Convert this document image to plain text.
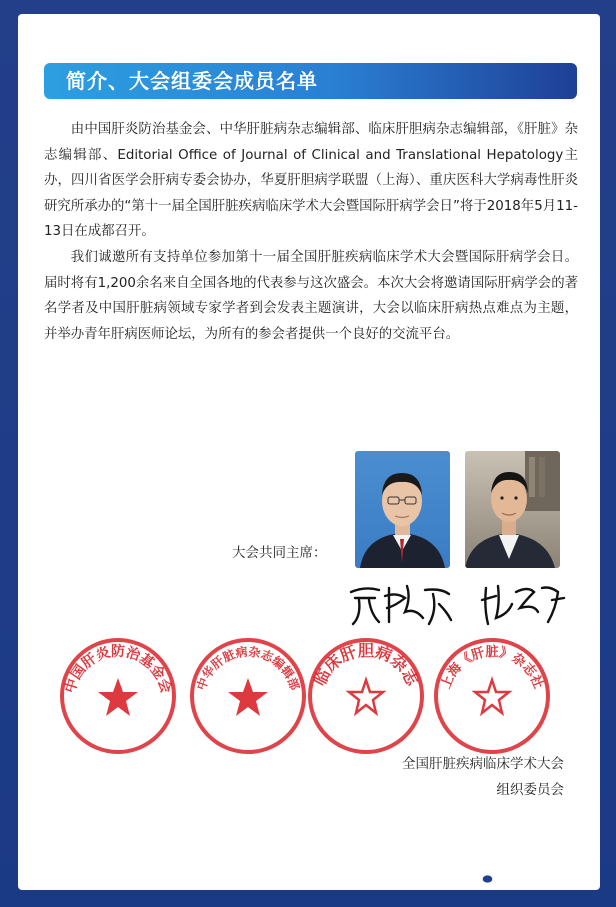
简介、大会组委会成员名单

由中国肝炎防治基金会、中华肝脏病杂志编辑部、临床肝胆病杂志编辑部，《肝脏》杂志编辑部、Editorial Office of Journal of Clinical and Translational Hepatology主办，四川省医学会肝病专委会协办，华夏肝胆病学联盟（上海）、重庆医科大学病毒性肝炎研究所承办的“第十一届全国肝脏疾病临床学术大会暨国际肝病学会日”将于2018年5月11-13日在成都召开。

我们诚邀所有支持单位参加第十一届全国肝脏疾病临床学术大会暨国际肝病学会日。届时将有1,200余名来自全国各地的代表参与这次盛会。本次大会将邀请国际肝病学会的著名学者及中国肝脏病领域专家学者到会发表主题演讲，大会以临床肝病热点难点为主题，并举办青年肝病医师论坛，为所有的参会者提供一个良好的交流平台。

大会共同主席：
中国肝炎防治基金会 中华肝脏病杂志编辑部 临床肝胆病杂志 上海《肝脏》杂志社
全国肝脏疾病临床学术大会
组织委员会
中华肝脏病杂志
